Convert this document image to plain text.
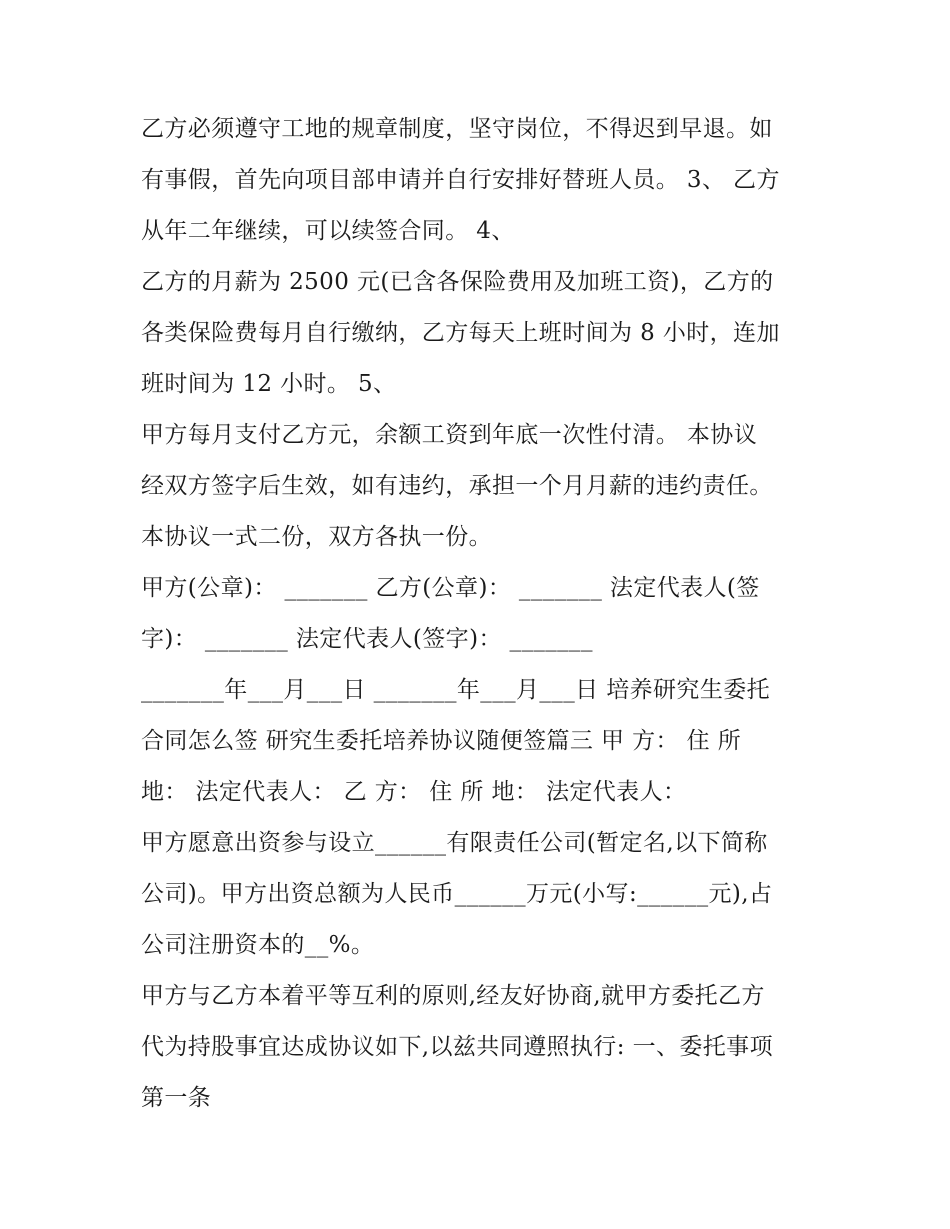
乙方必须遵守工地的规章制度，坚守岗位，不得迟到早退。如
有事假，首先向项目部申请并自行安排好替班人员。 3、 乙方
从年二年继续，可以续签合同。 4、
乙方的月薪为 2500 元(已含各保险费用及加班工资)，乙方的
各类保险费每月自行缴纳，乙方每天上班时间为 8 小时，连加
班时间为 12 小时。 5、
甲方每月支付乙方元，余额工资到年底一次性付清。 本协议
经双方签字后生效，如有违约，承担一个月月薪的违约责任。
本协议一式二份，双方各执一份。
甲方(公章)： _______ 乙方(公章)： _______ 法定代表人(签
字)： _______ 法定代表人(签字)： _______
_______年___月___日 _______年___月___日 培养研究生委托
合同怎么签 研究生委托培养协议随便签篇三 甲 方： 住 所
地： 法定代表人： 乙 方： 住 所 地： 法定代表人：
甲方愿意出资参与设立______有限责任公司(暂定名,以下简称
公司)。甲方出资总额为人民币______万元(小写:______元),占
公司注册资本的__%。
甲方与乙方本着平等互利的原则,经友好协商,就甲方委托乙方
代为持股事宜达成协议如下,以兹共同遵照执行: 一、委托事项
第一条
